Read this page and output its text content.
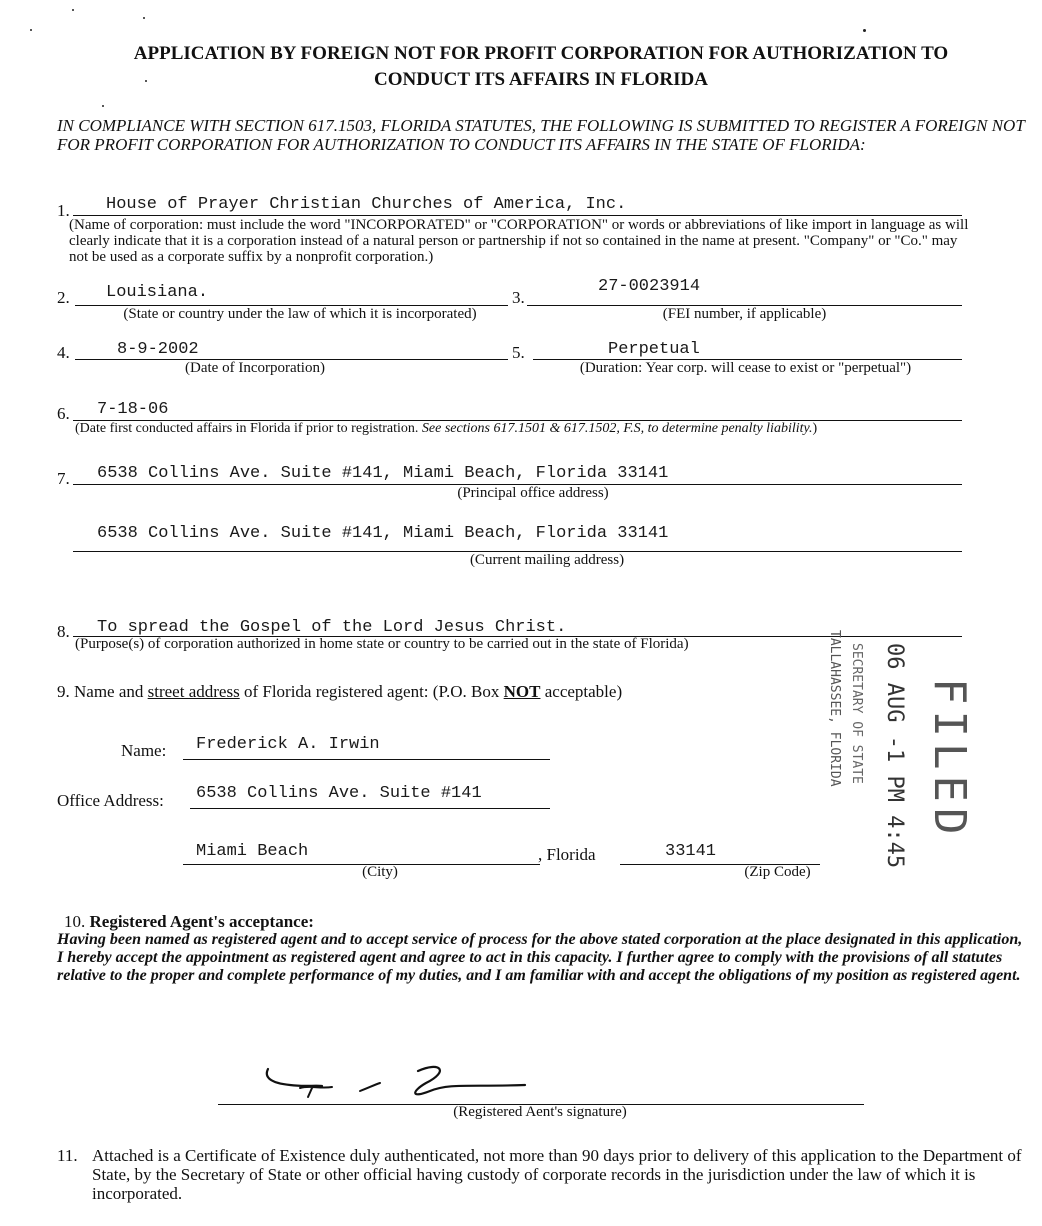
APPLICATION BY FOREIGN NOT FOR PROFIT CORPORATION FOR AUTHORIZATION TO
CONDUCT ITS AFFAIRS IN FLORIDA
IN COMPLIANCE WITH SECTION 617.1503, FLORIDA STATUTES, THE FOLLOWING IS SUBMITTED TO REGISTER A FOREIGN NOT FOR PROFIT CORPORATION FOR AUTHORIZATION TO CONDUCT ITS AFFAIRS IN THE STATE OF FLORIDA:
1. House of Prayer Christian Churches of America, Inc.
(Name of corporation: must include the word "INCORPORATED" or "CORPORATION" or words or abbreviations of like import in language as will clearly indicate that it is a corporation instead of a natural person or partnership if not so contained in the name at present. "Company" or "Co." may not be used as a corporate suffix by a nonprofit corporation.)
2. Louisiana.
(State or country under the law of which it is incorporated)
3.
27-0023914
(FEI number, if applicable)
4.	8-9-2002
(Date of Incorporation)
5.	Perpetual
(Duration: Year corp. will cease to exist or "perpetual")
6. 7-18-06
(Date first conducted affairs in Florida if prior to registration. See sections 617.1501 & 617.1502, F.S, to determine penalty liability.)
7. 6538 Collins Ave. Suite #141, Miami Beach, Florida 33141
(Principal office address)
6538 Collins Ave. Suite #141, Miami Beach, Florida 33141
(Current mailing address)
8. To spread the Gospel of the Lord Jesus Christ.
(Purpose(s) of corporation authorized in home state or country to be carried out in the state of Florida)
9. Name and street address of Florida registered agent: (P.O. Box NOT acceptable)
Name: Frederick A. Irwin
Office Address: 6538 Collins Ave. Suite #141
Miami Beach
(City)
, Florida	33141
(Zip Code)
FILED
06 AUG -1 PM 4:45
SECRETARY OF STATE
TALLAHASSEE, FLORIDA
10. Registered Agent's acceptance:
Having been named as registered agent and to accept service of process for the above stated corporation at the place designated in this application, I hereby accept the appointment as registered agent and agree to act in this capacity. I further agree to comply with the provisions of all statutes relative to the proper and complete performance of my duties, and I am familiar with and accept the obligations of my position as registered agent.
(Registered Aent's signature)
11. Attached is a Certificate of Existence duly authenticated, not more than 90 days prior to delivery of this application to the Department of State, by the Secretary of State or other official having custody of corporate records in the jurisdiction under the law of which it is incorporated.
